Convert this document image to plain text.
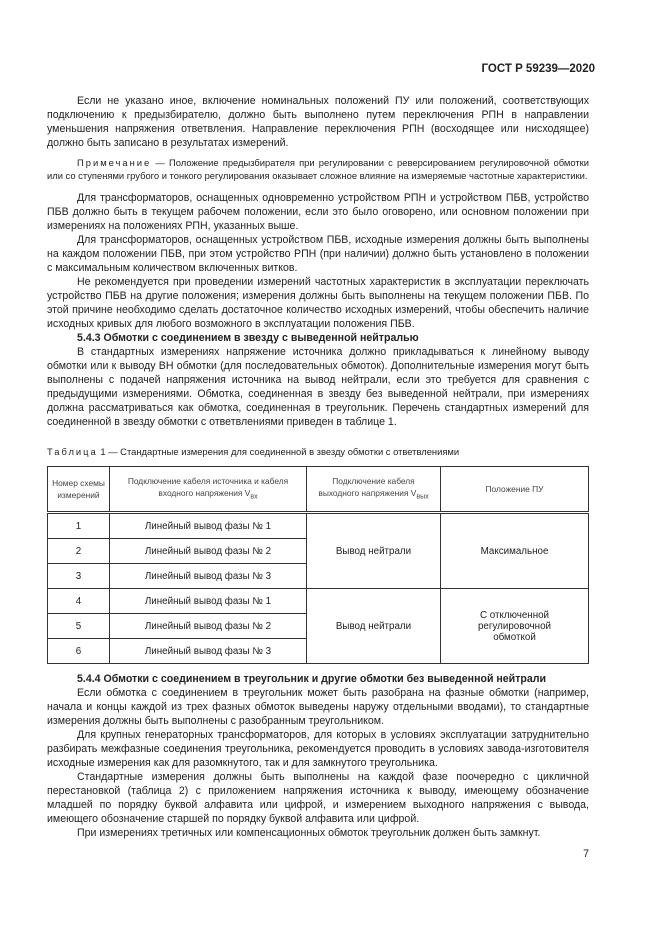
ГОСТ Р 59239—2020

Если не указано иное, включение номинальных положений ПУ или положений, соответствующих подключению к предызбирателю, должно быть выполнено путем переключения РПН в направлении уменьшения напряжения ответвления. Направление переключения РПН (восходящее или нисходящее) должно быть записано в результатах измерений.

Примечание — Положение предызбирателя при регулировании с реверсированием регулировочной обмотки или со ступенями грубого и тонкого регулирования оказывает сложное влияние на измеряемые частотные характеристики.

Для трансформаторов, оснащенных одновременно устройством РПН и устройством ПБВ, устройство ПБВ должно быть в текущем рабочем положении, если это было оговорено, или основном положении при измерениях на положениях РПН, указанных выше.

Для трансформаторов, оснащенных устройством ПБВ, исходные измерения должны быть выполнены на каждом положении ПБВ, при этом устройство РПН (при наличии) должно быть установлено в положении с максимальным количеством включенных витков.

Не рекомендуется при проведении измерений частотных характеристик в эксплуатации переключать устройство ПБВ на другие положения; измерения должны быть выполнены на текущем положении ПБВ. По этой причине необходимо сделать достаточное количество исходных измерений, чтобы обеспечить наличие исходных кривых для любого возможного в эксплуатации положения ПБВ.

5.4.3 Обмотки с соединением в звезду с выведенной нейтралью

В стандартных измерениях напряжение источника должно прикладываться к линейному выводу обмотки или к выводу ВН обмотки (для последовательных обмоток). Дополнительные измерения могут быть выполнены с подачей напряжения источника на вывод нейтрали, если это требуется для сравнения с предыдущими измерениями. Обмотка, соединенная в звезду без выведенной нейтрали, при измерениях должна рассматриваться как обмотка, соединенная в треугольник. Перечень стандартных измерений для соединенной в звезду обмотки с ответвлениями приведен в таблице 1.

Таблица 1 — Стандартные измерения для соединенной в звезду обмотки с ответвлениями
Номер схемы измерений	Подключение кабеля источника и кабеля входного напряжения $V_{вх}$	Подключение кабеля выходного напряжения $V_{вых}$	Положение ПУ
1	Линейный вывод фазы № 1	Вывод нейтрали	Максимальное
2	Линейный вывод фазы № 2		
3	Линейный вывод фазы № 3		
4	Линейный вывод фазы № 1	Вывод нейтрали	С отключенной регулировочной обмоткой
5	Линейный вывод фазы № 2		
6	Линейный вывод фазы № 3		

5.4.4 Обмотки с соединением в треугольник и другие обмотки без выведенной нейтрали

Если обмотка с соединением в треугольник может быть разобрана на фазные обмотки (например, начала и концы каждой из трех фазных обмоток выведены наружу отдельными вводами), то стандартные измерения должны быть выполнены с разобранным треугольником.

Для крупных генераторных трансформаторов, для которых в условиях эксплуатации затруднительно разбирать межфазные соединения треугольника, рекомендуется проводить в условиях завода-изготовителя исходные измерения как для разомкнутого, так и для замкнутого треугольника.

Стандартные измерения должны быть выполнены на каждой фазе поочередно с цикличной перестановкой (таблица 2) с приложением напряжения источника к выводу, имеющему обозначение младшей по порядку буквой алфавита или цифрой, и измерением выходного напряжения с вывода, имеющего обозначение старшей по порядку буквой алфавита или цифрой.

При измерениях третичных или компенсационных обмоток треугольник должен быть замкнут.

7
